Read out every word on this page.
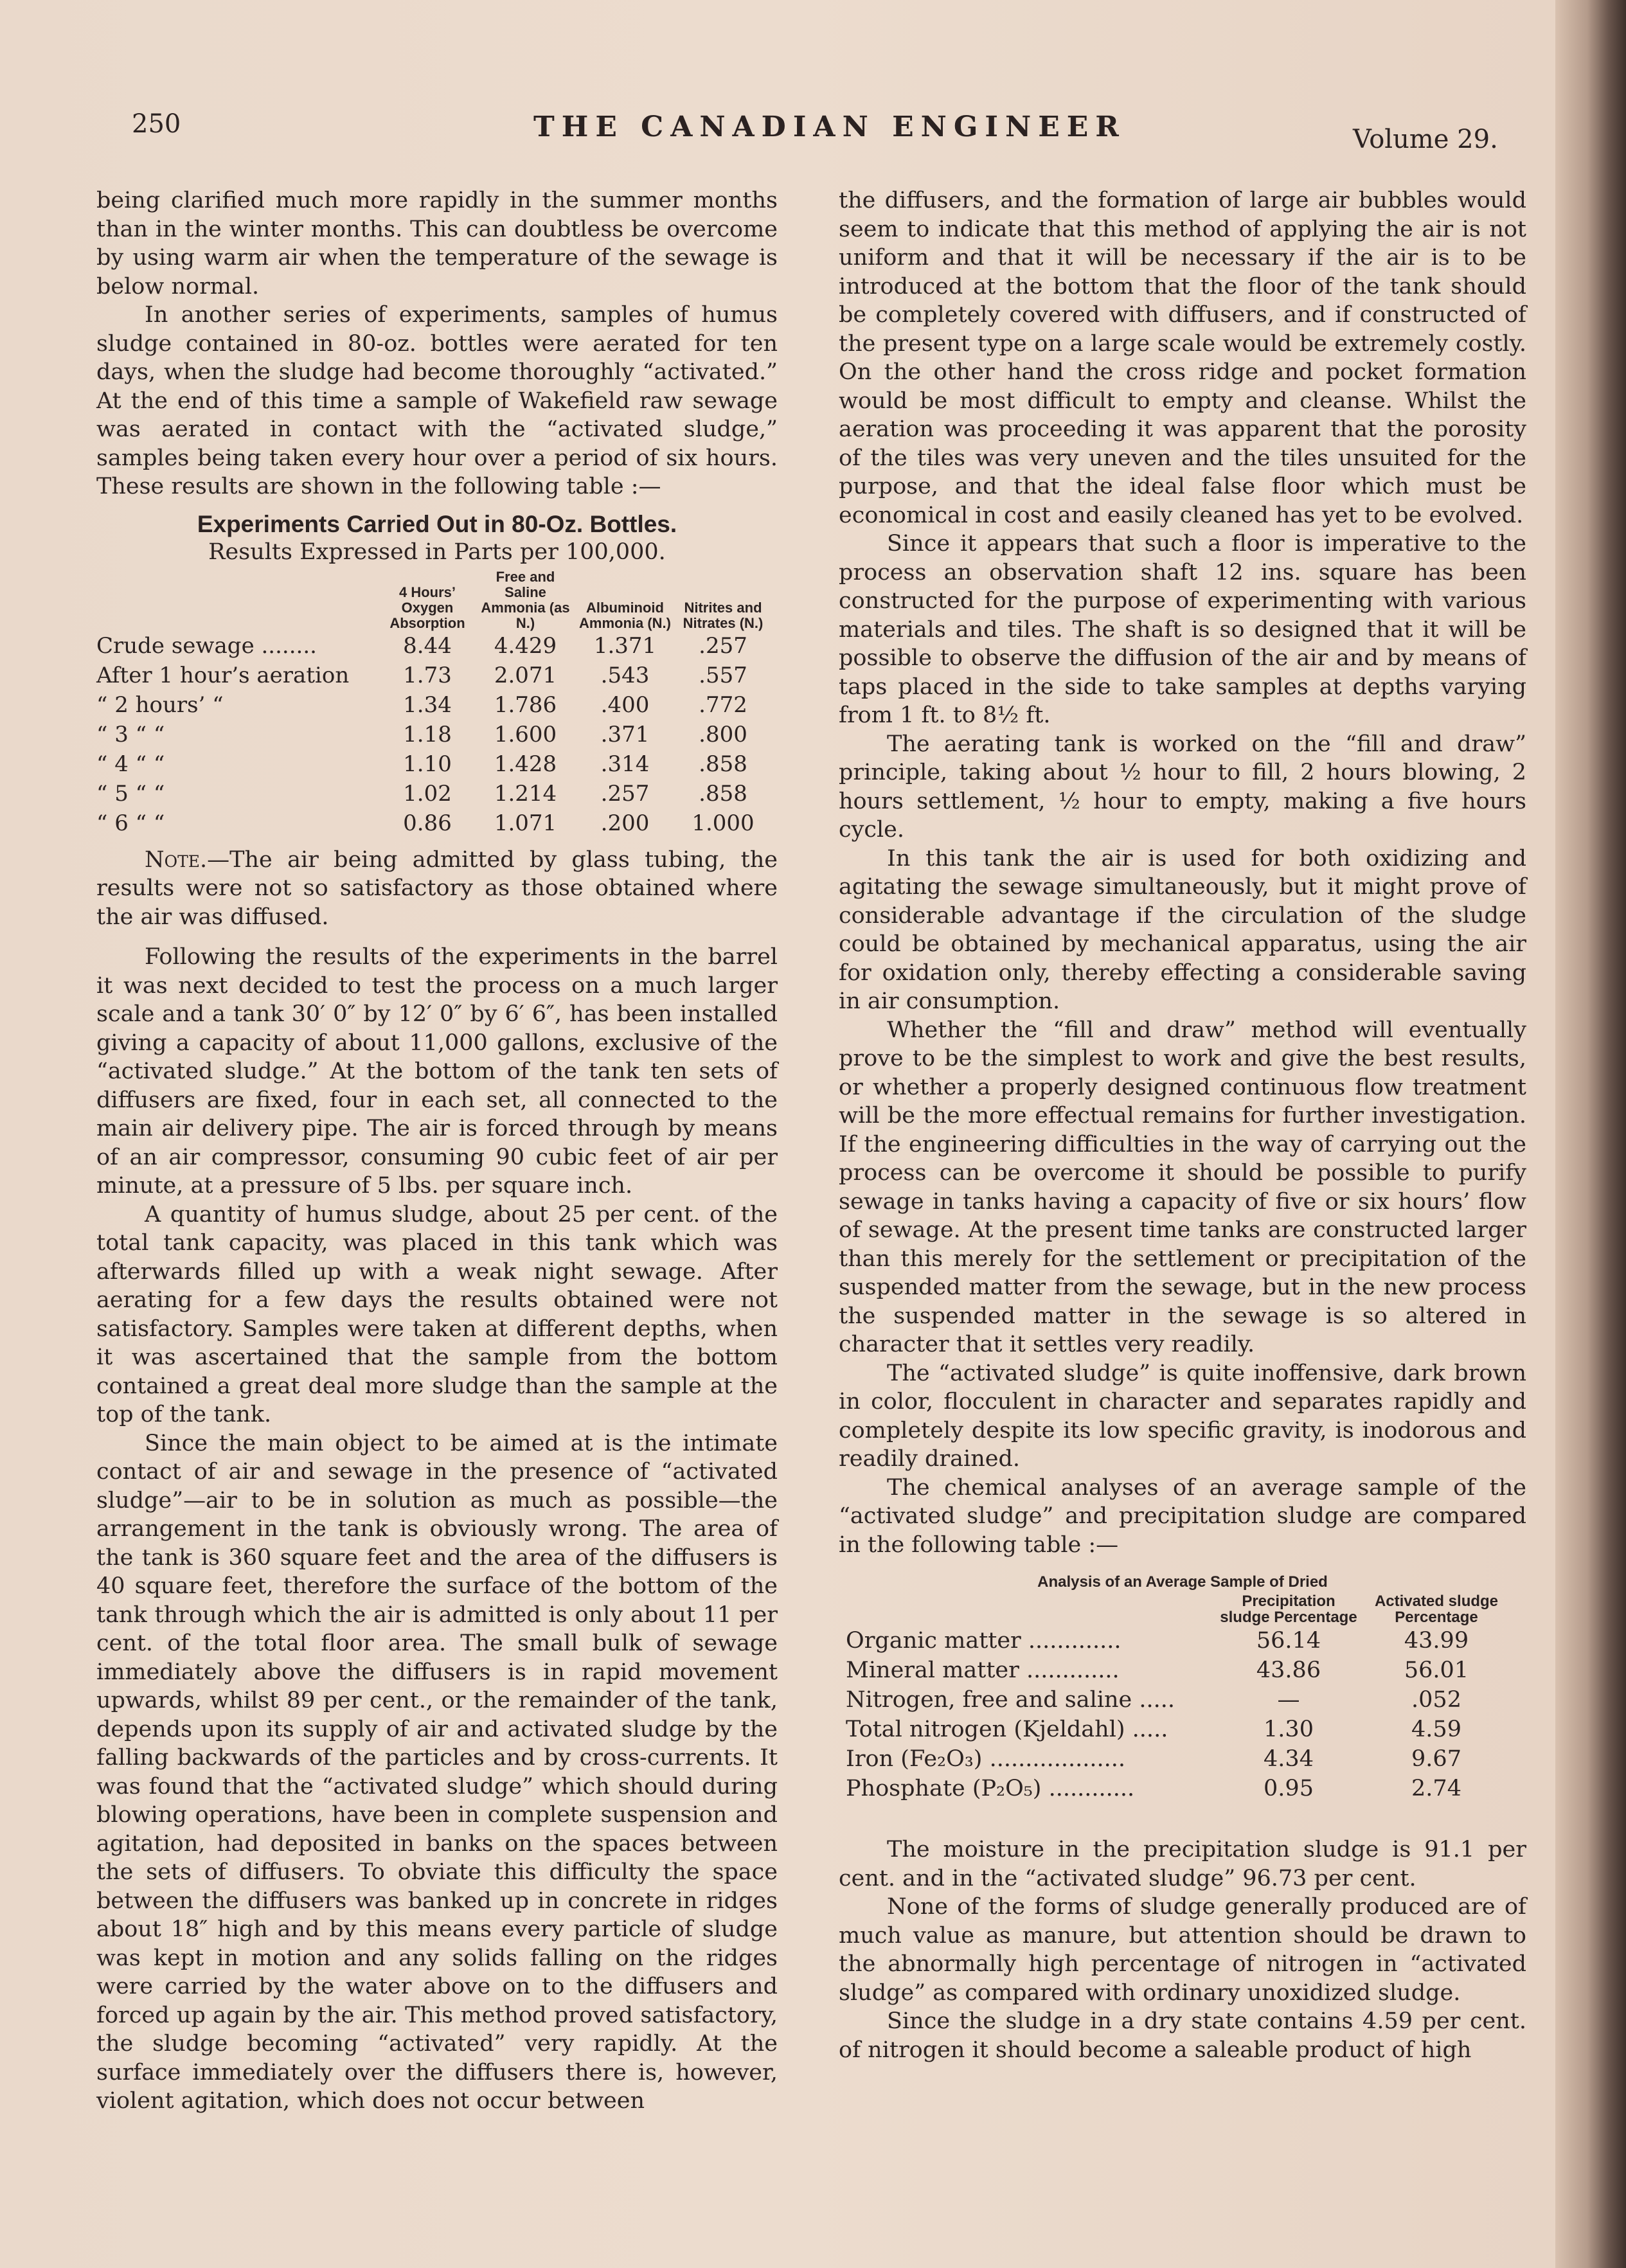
250	THE CANADIAN ENGINEER	Volume 29.

being clarified much more rapidly in the summer months than in the winter months. This can doubtless be overcome by using warm air when the temperature of the sewage is below normal.

In another series of experiments, samples of humus sludge contained in 80-oz. bottles were aerated for ten days, when the sludge had become thoroughly “activated.” At the end of this time a sample of Wakefield raw sewage was aerated in contact with the “activated sludge,” samples being taken every hour over a period of six hours. These results are shown in the following table :—

Experiments Carried Out in 80-Oz. Bottles.
Results Expressed in Parts per 100,000.
	4 Hours’ Oxygen Absorption	Free and Saline Ammonia (as N.)	Albuminoid Ammonia (N.)	Nitrites and Nitrates (N.)
Crude sewage ........	8.44	4.429	1.371	.257
After 1 hour’s aeration	1.73	2.071	.543	.557
“ 2 hours’ “	1.34	1.786	.400	.772
“ 3 “ “	1.18	1.600	.371	.800
“ 4 “ “	1.10	1.428	.314	.858
“ 5 “ “	1.02	1.214	.257	.858
“ 6 “ “	0.86	1.071	.200	1.000

Note.—The air being admitted by glass tubing, the results were not so satisfactory as those obtained where the air was diffused.

Following the results of the experiments in the barrel it was next decided to test the process on a much larger scale and a tank 30′ 0″ by 12′ 0″ by 6′ 6″, has been installed giving a capacity of about 11,000 gallons, exclusive of the “activated sludge.” At the bottom of the tank ten sets of diffusers are fixed, four in each set, all connected to the main air delivery pipe. The air is forced through by means of an air compressor, consuming 90 cubic feet of air per minute, at a pressure of 5 lbs. per square inch.

A quantity of humus sludge, about 25 per cent. of the total tank capacity, was placed in this tank which was afterwards filled up with a weak night sewage. After aerating for a few days the results obtained were not satisfactory. Samples were taken at different depths, when it was ascertained that the sample from the bottom contained a great deal more sludge than the sample at the top of the tank.

Since the main object to be aimed at is the intimate contact of air and sewage in the presence of “activated sludge”—air to be in solution as much as possible—the arrangement in the tank is obviously wrong. The area of the tank is 360 square feet and the area of the diffusers is 40 square feet, therefore the surface of the bottom of the tank through which the air is admitted is only about 11 per cent. of the total floor area. The small bulk of sewage immediately above the diffusers is in rapid movement upwards, whilst 89 per cent., or the remainder of the tank, depends upon its supply of air and activated sludge by the falling backwards of the particles and by cross-currents. It was found that the “activated sludge” which should during blowing operations, have been in complete suspension and agitation, had deposited in banks on the spaces between the sets of diffusers. To obviate this difficulty the space between the diffusers was banked up in concrete in ridges about 18″ high and by this means every particle of sludge was kept in motion and any solids falling on the ridges were carried by the water above on to the diffusers and forced up again by the air. This method proved satisfactory, the sludge becoming “activated” very rapidly. At the surface immediately over the diffusers there is, however, violent agitation, which does not occur between

the diffusers, and the formation of large air bubbles would seem to indicate that this method of applying the air is not uniform and that it will be necessary if the air is to be introduced at the bottom that the floor of the tank should be completely covered with diffusers, and if constructed of the present type on a large scale would be extremely costly. On the other hand the cross ridge and pocket formation would be most difficult to empty and cleanse. Whilst the aeration was proceeding it was apparent that the porosity of the tiles was very uneven and the tiles unsuited for the purpose, and that the ideal false floor which must be economical in cost and easily cleaned has yet to be evolved.

Since it appears that such a floor is imperative to the process an observation shaft 12 ins. square has been constructed for the purpose of experimenting with various materials and tiles. The shaft is so designed that it will be possible to observe the diffusion of the air and by means of taps placed in the side to take samples at depths varying from 1 ft. to 8½ ft.

The aerating tank is worked on the “fill and draw” principle, taking about ½ hour to fill, 2 hours blowing, 2 hours settlement, ½ hour to empty, making a five hours cycle.

In this tank the air is used for both oxidizing and agitating the sewage simultaneously, but it might prove of considerable advantage if the circulation of the sludge could be obtained by mechanical apparatus, using the air for oxidation only, thereby effecting a considerable saving in air consumption.

Whether the “fill and draw” method will eventually prove to be the simplest to work and give the best results, or whether a properly designed continuous flow treatment will be the more effectual remains for further investigation. If the engineering difficulties in the way of carrying out the process can be overcome it should be possible to purify sewage in tanks having a capacity of five or six hours’ flow of sewage. At the present time tanks are constructed larger than this merely for the settlement or precipitation of the suspended matter from the sewage, but in the new process the suspended matter in the sewage is so altered in character that it settles very readily.

The “activated sludge” is quite inoffensive, dark brown in color, flocculent in character and separates rapidly and completely despite its low specific gravity, is inodorous and readily drained.

The chemical analyses of an average sample of the “activated sludge” and precipitation sludge are compared in the following table :—

Analysis of an Average Sample of Dried
	Precipitation sludge Percentage	Activated sludge Percentage
Organic matter .............	56.14	43.99
Mineral matter .............	43.86	56.01
Nitrogen, free and saline .....	—	.052
Total nitrogen (Kjeldahl) .....	1.30	4.59
Iron (Fe₂O₃) ...................	4.34	9.67
Phosphate (P₂O₅) ............	0.95	2.74

The moisture in the precipitation sludge is 91.1 per cent. and in the “activated sludge” 96.73 per cent.

None of the forms of sludge generally produced are of much value as manure, but attention should be drawn to the abnormally high percentage of nitrogen in “activated sludge” as compared with ordinary unoxidized sludge.

Since the sludge in a dry state contains 4.59 per cent. of nitrogen it should become a saleable product of high
